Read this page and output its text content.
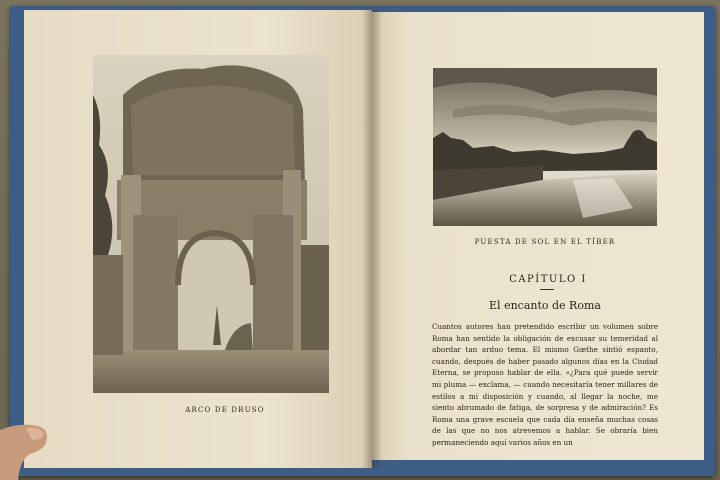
ARCO DE DRUSO
PUESTA DE SOL EN EL TÍBER
CAPÍTULO I
El encanto de Roma

Cuantos autores han pretendido escribir un volumen sobre Roma han sentido la obligación de excusar su temeridad al abordar tan arduo tema. El mismo Gœthe sintió espanto, cuando, después de haber pasado algunos días en la Ciudad Eterna, se propuso hablar de ella. «¿Para qué puede servir mi pluma — exclama, — cuando necesitaría tener millares de estilos a mi disposición y cuando, al llegar la noche, me siento abrumado de fatiga, de sorpresa y de admiración? Es Roma una grave escuela que cada día enseña muchas cosas de las que no nos atrevemos a hablar. Se obraría bien permaneciendo aquí varios años en un
